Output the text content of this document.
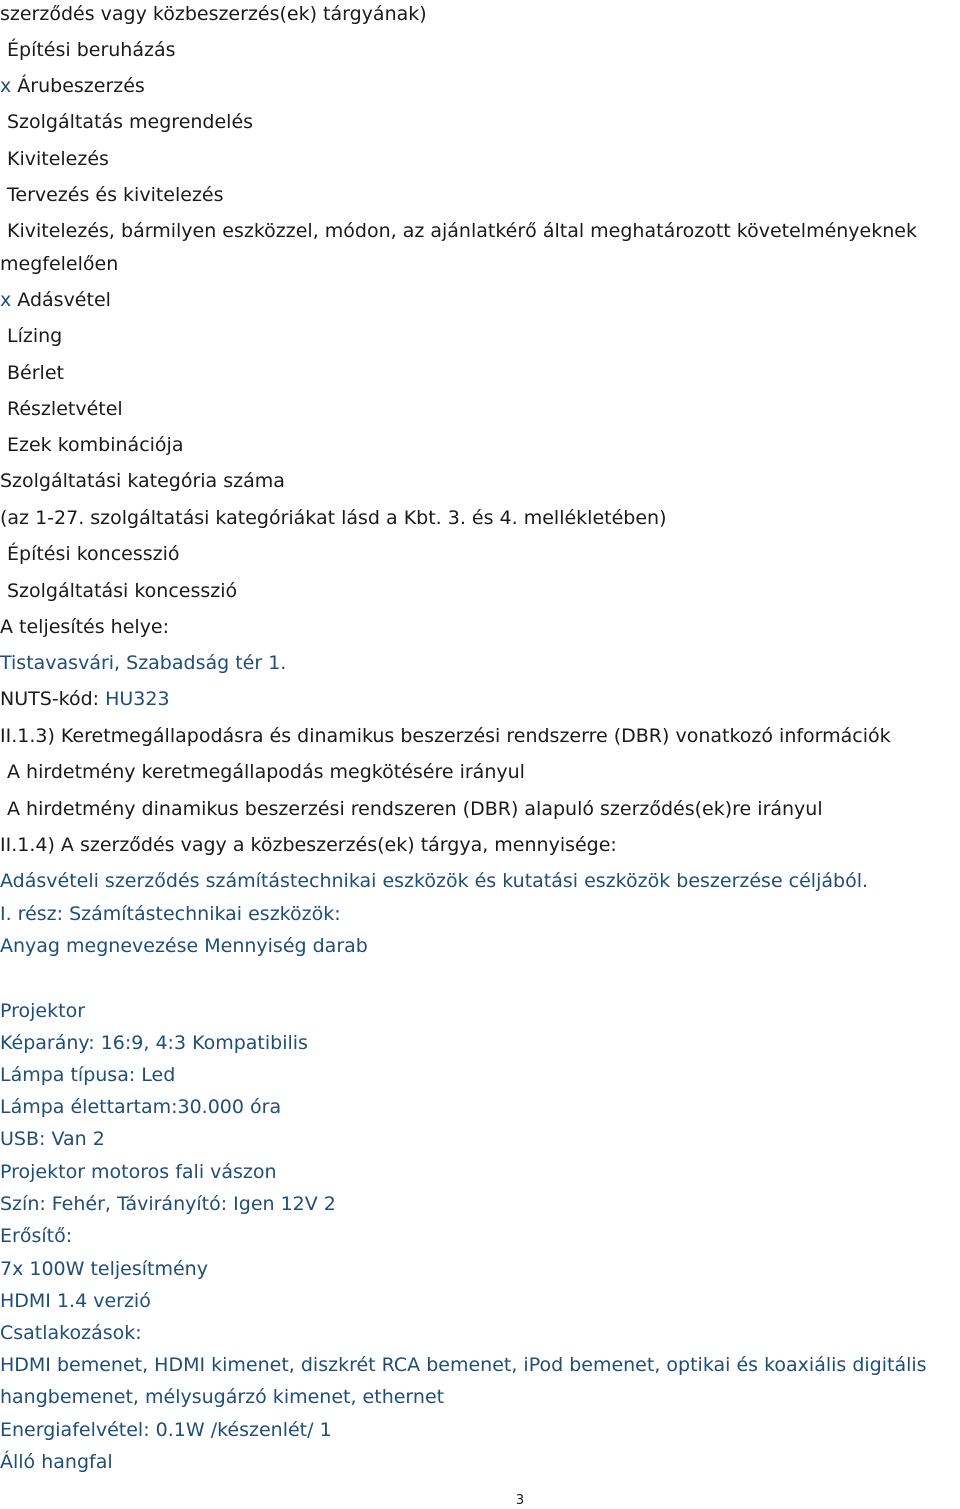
szerződés vagy közbeszerzés(ek) tárgyának)
Építési beruházás
x Árubeszerzés
Szolgáltatás megrendelés
Kivitelezés
Tervezés és kivitelezés
Kivitelezés, bármilyen eszközzel, módon, az ajánlatkérő által meghatározott követelményeknek
megfelelően
x Adásvétel
Lízing
Bérlet
Részletvétel
Ezek kombinációja
Szolgáltatási kategória száma
(az 1-27. szolgáltatási kategóriákat lásd a Kbt. 3. és 4. mellékletében)
Építési koncesszió
Szolgáltatási koncesszió
A teljesítés helye:
Tistavasvári, Szabadság tér 1.
NUTS-kód: HU323
II.1.3) Keretmegállapodásra és dinamikus beszerzési rendszerre (DBR) vonatkozó információk
A hirdetmény keretmegállapodás megkötésére irányul
A hirdetmény dinamikus beszerzési rendszeren (DBR) alapuló szerződés(ek)re irányul
II.1.4) A szerződés vagy a közbeszerzés(ek) tárgya, mennyisége:
Adásvételi szerződés számítástechnikai eszközök és kutatási eszközök beszerzése céljából.
I. rész: Számítástechnikai eszközök:
Anyag megnevezése Mennyiség darab
Projektor
Képarány: 16:9, 4:3 Kompatibilis
Lámpa típusa: Led
Lámpa élettartam:30.000 óra
USB: Van 2
Projektor motoros fali vászon
Szín: Fehér, Távirányító: Igen 12V 2
Erősítő:
7x 100W teljesítmény
HDMI 1.4 verzió
Csatlakozások:
HDMI bemenet, HDMI kimenet, diszkrét RCA bemenet, iPod bemenet, optikai és koaxiális digitális
hangbemenet, mélysugárzó kimenet, ethernet
Energiafelvétel: 0.1W /készenlét/ 1
Álló hangfal
3
